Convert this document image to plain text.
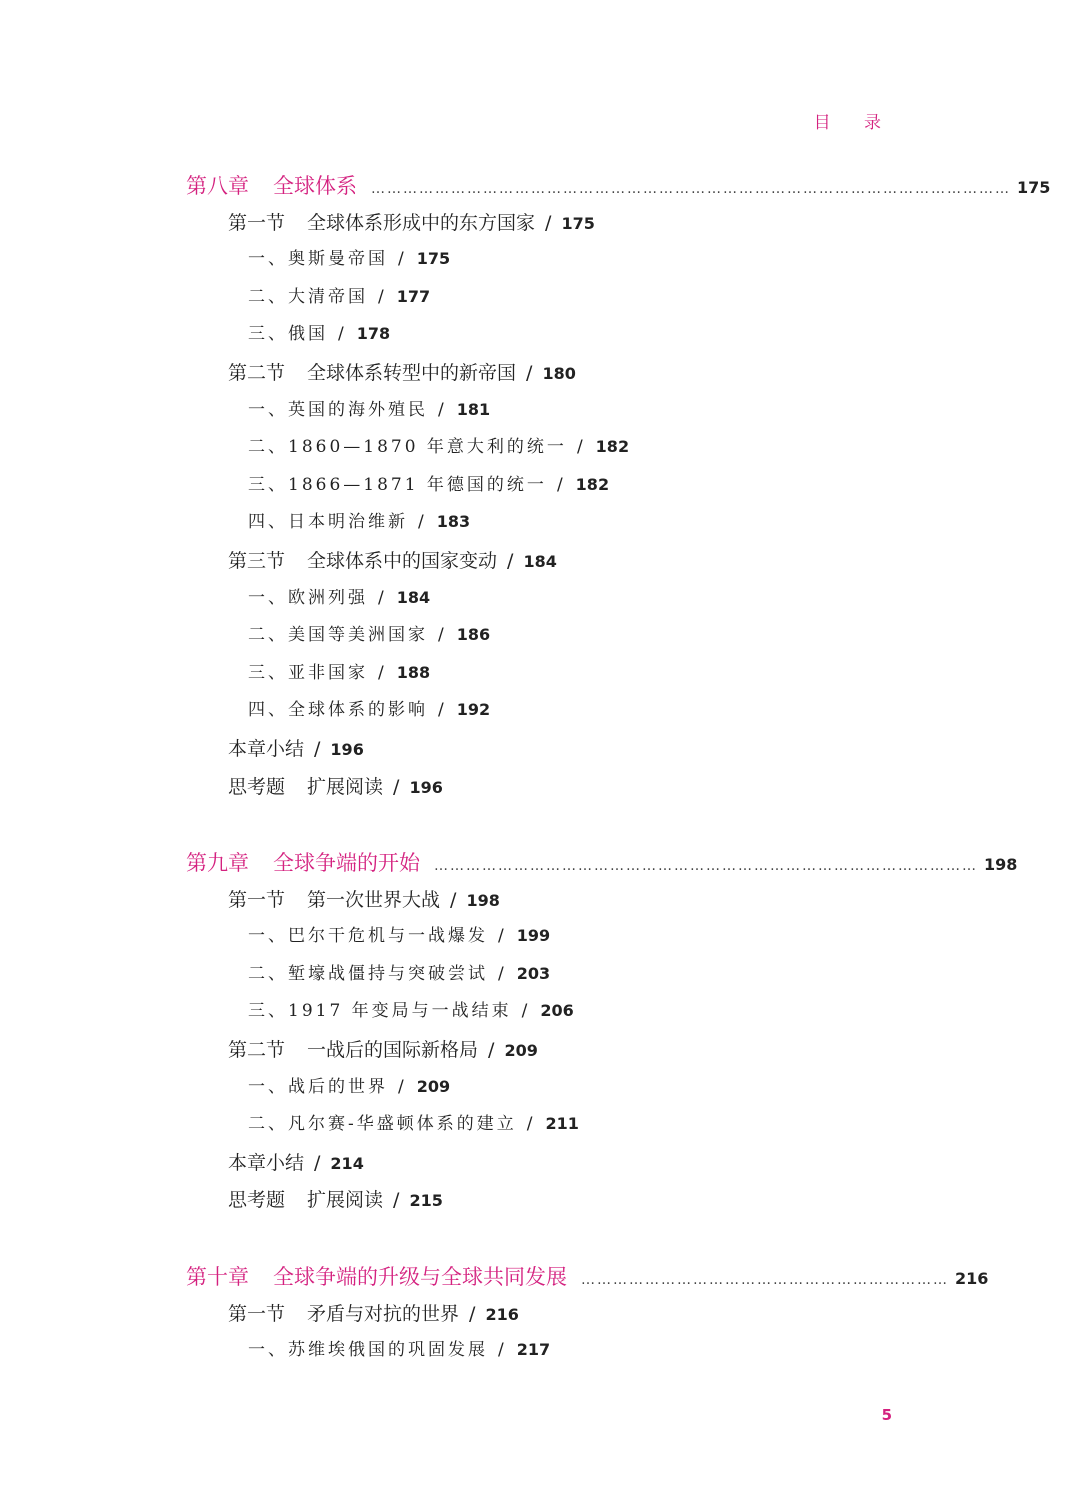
目 录
第八章 全球体系 ………………………………………………………………………………………………………… 175
第一节 全球体系形成中的东方国家 / 175
一、奥斯曼帝国 / 175
二、大清帝国 / 177
三、俄国 / 178
第二节 全球体系转型中的新帝国 / 180
一、英国的海外殖民 / 181
二、1860—1870 年意大利的统一 / 182
三、1866—1871 年德国的统一 / 182
四、日本明治维新 / 183
第三节 全球体系中的国家变动 / 184
一、欧洲列强 / 184
二、美国等美洲国家 / 186
三、亚非国家 / 188
四、全球体系的影响 / 192
本章小结 / 196
思考题 扩展阅读 / 196
第九章 全球争端的开始 ………………………………………………………………………………………… 198
第一节 第一次世界大战 / 198
一、巴尔干危机与一战爆发 / 199
二、堑壕战僵持与突破尝试 / 203
三、1917 年变局与一战结束 / 206
第二节 一战后的国际新格局 / 209
一、战后的世界 / 209
二、凡尔赛-华盛顿体系的建立 / 211
本章小结 / 214
思考题 扩展阅读 / 215
第十章 全球争端的升级与全球共同发展 …………………………………………………………… 216
第一节 矛盾与对抗的世界 / 216
一、苏维埃俄国的巩固发展 / 217
5
